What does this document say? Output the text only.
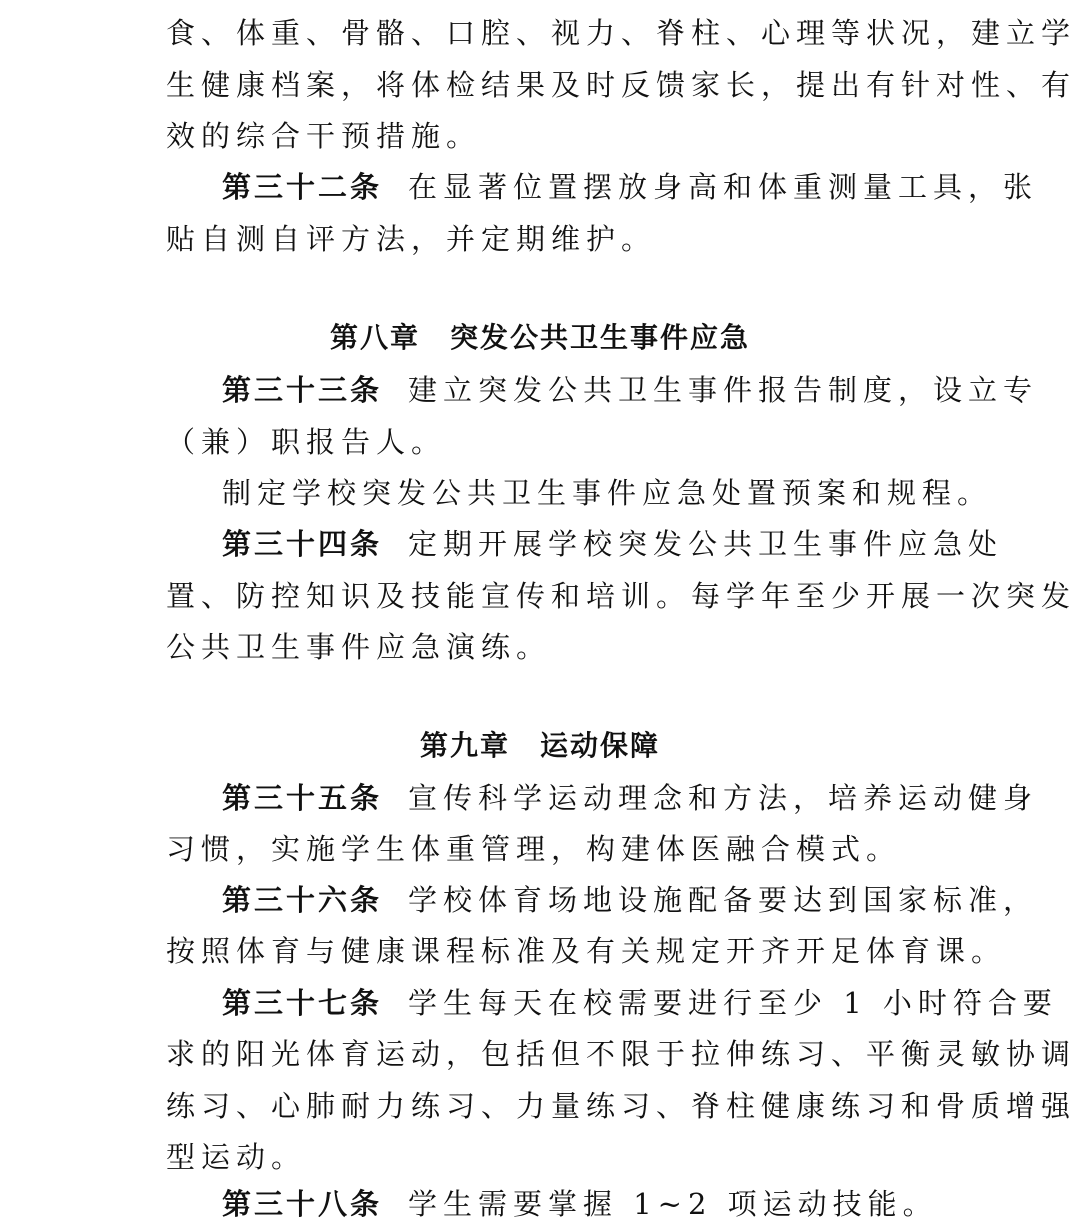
食、体重、骨骼、口腔、视力、脊柱、心理等状况，建立学
生健康档案，将体检结果及时反馈家长，提出有针对性、有
效的综合干预措施。
第三十二条 在显著位置摆放身高和体重测量工具，张
贴自测自评方法，并定期维护。
第八章 突发公共卫生事件应急
第三十三条 建立突发公共卫生事件报告制度，设立专
（兼）职报告人。
制定学校突发公共卫生事件应急处置预案和规程。
第三十四条 定期开展学校突发公共卫生事件应急处
置、防控知识及技能宣传和培训。每学年至少开展一次突发
公共卫生事件应急演练。
第九章 运动保障
第三十五条 宣传科学运动理念和方法，培养运动健身
习惯，实施学生体重管理，构建体医融合模式。
第三十六条 学校体育场地设施配备要达到国家标准，
按照体育与健康课程标准及有关规定开齐开足体育课。
第三十七条 学生每天在校需要进行至少 1 小时符合要
求的阳光体育运动，包括但不限于拉伸练习、平衡灵敏协调
练习、心肺耐力练习、力量练习、脊柱健康练习和骨质增强
型运动。
第三十八条 学生需要掌握 1~2 项运动技能。
